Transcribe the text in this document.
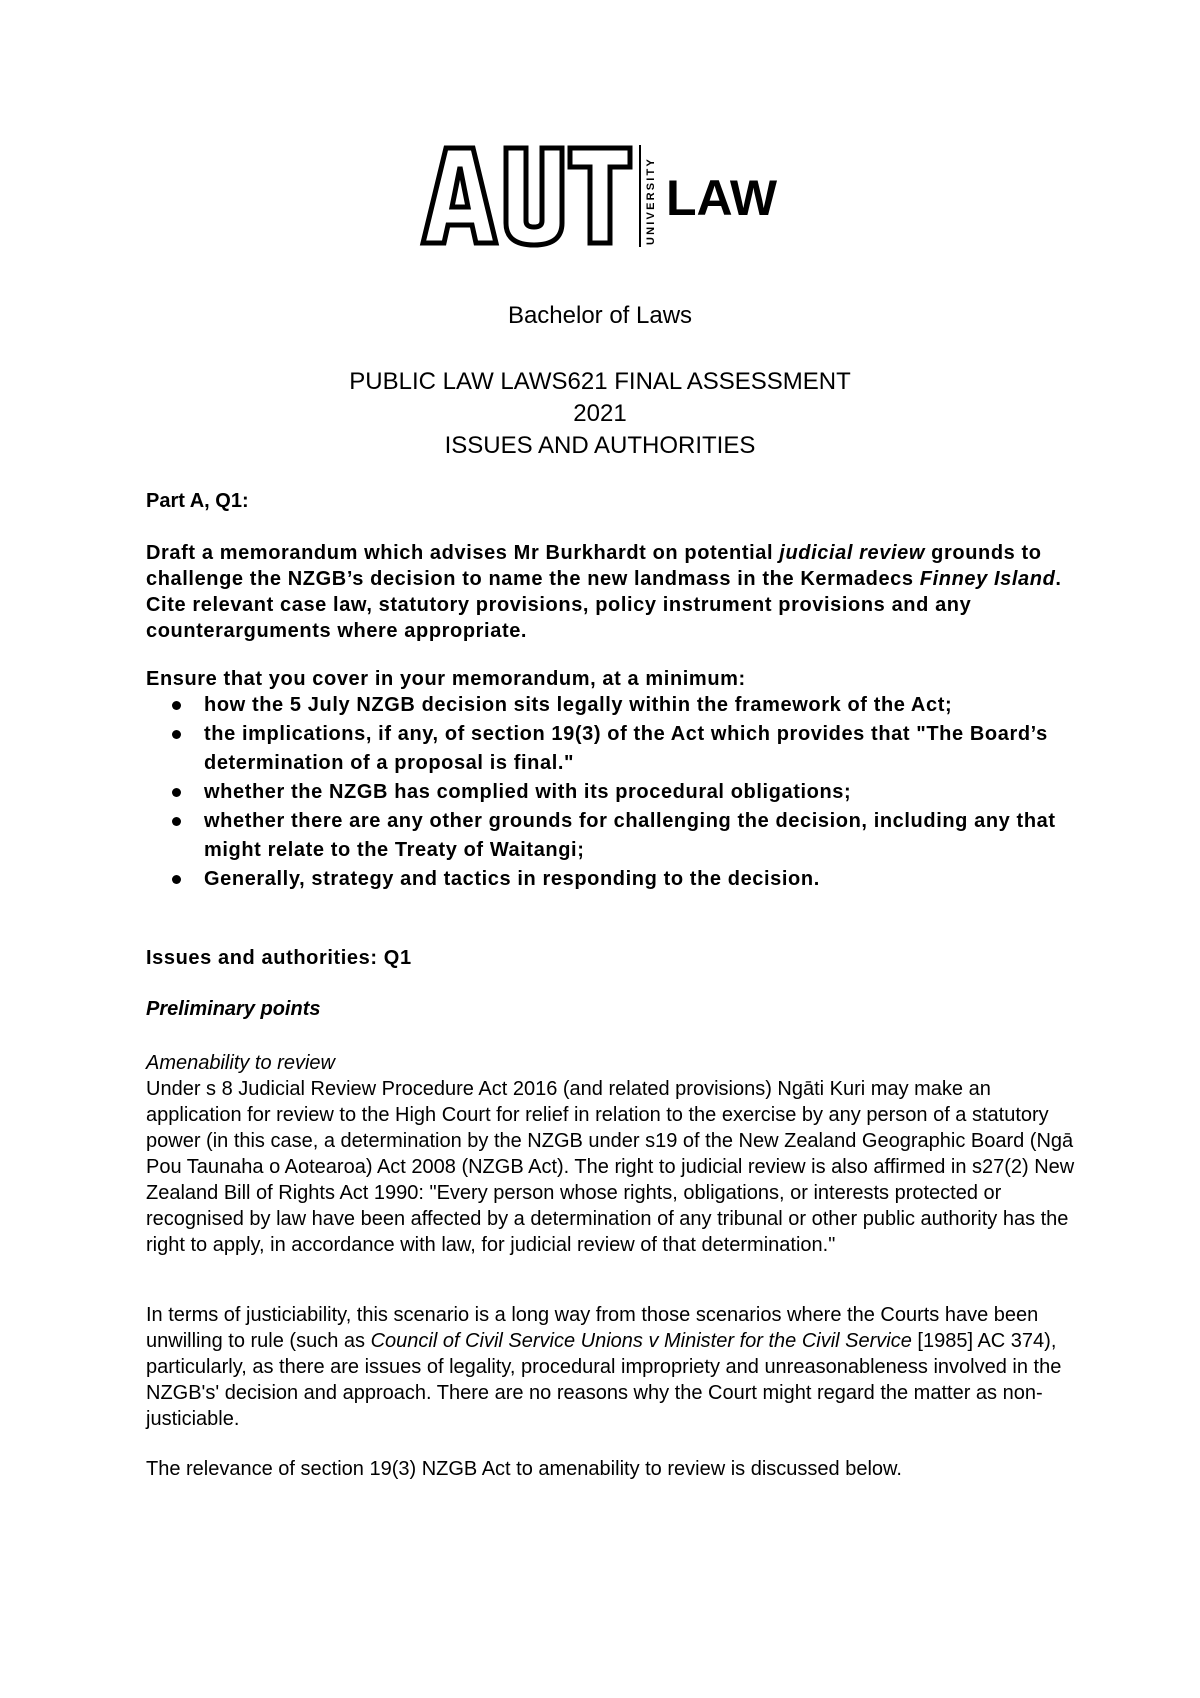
UNIVERSITY LAW
Bachelor of Laws
PUBLIC LAW LAWS621 FINAL ASSESSMENT
2021
ISSUES AND AUTHORITIES
Part A, Q1:
Draft a memorandum which advises Mr Burkhardt on potential judicial review grounds to challenge the NZGB’s decision to name the new landmass in the Kermadecs Finney Island. Cite relevant case law, statutory provisions, policy instrument provisions and any counterarguments where appropriate.
Ensure that you cover in your memorandum, at a minimum:
how the 5 July NZGB decision sits legally within the framework of the Act;
the implications, if any, of section 19(3) of the Act which provides that "The Board’s determination of a proposal is final."
whether the NZGB has complied with its procedural obligations;
whether there are any other grounds for challenging the decision, including any that might relate to the Treaty of Waitangi;
Generally, strategy and tactics in responding to the decision.
Issues and authorities: Q1
Preliminary points
Amenability to review
Under s 8 Judicial Review Procedure Act 2016 (and related provisions) Ngāti Kuri may make an application for review to the High Court for relief in relation to the exercise by any person of a statutory power (in this case, a determination by the NZGB under s19 of the New Zealand Geographic Board (Ngā Pou Taunaha o Aotearoa) Act 2008 (NZGB Act). The right to judicial review is also affirmed in s27(2) New Zealand Bill of Rights Act 1990: "Every person whose rights, obligations, or interests protected or recognised by law have been affected by a determination of any tribunal or other public authority has the right to apply, in accordance with law, for judicial review of that determination."
In terms of justiciability, this scenario is a long way from those scenarios where the Courts have been unwilling to rule (such as Council of Civil Service Unions v Minister for the Civil Service [1985] AC 374), particularly, as there are issues of legality, procedural impropriety and unreasonableness involved in the NZGB's' decision and approach. There are no reasons why the Court might regard the matter as non-justiciable.
The relevance of section 19(3) NZGB Act to amenability to review is discussed below.
